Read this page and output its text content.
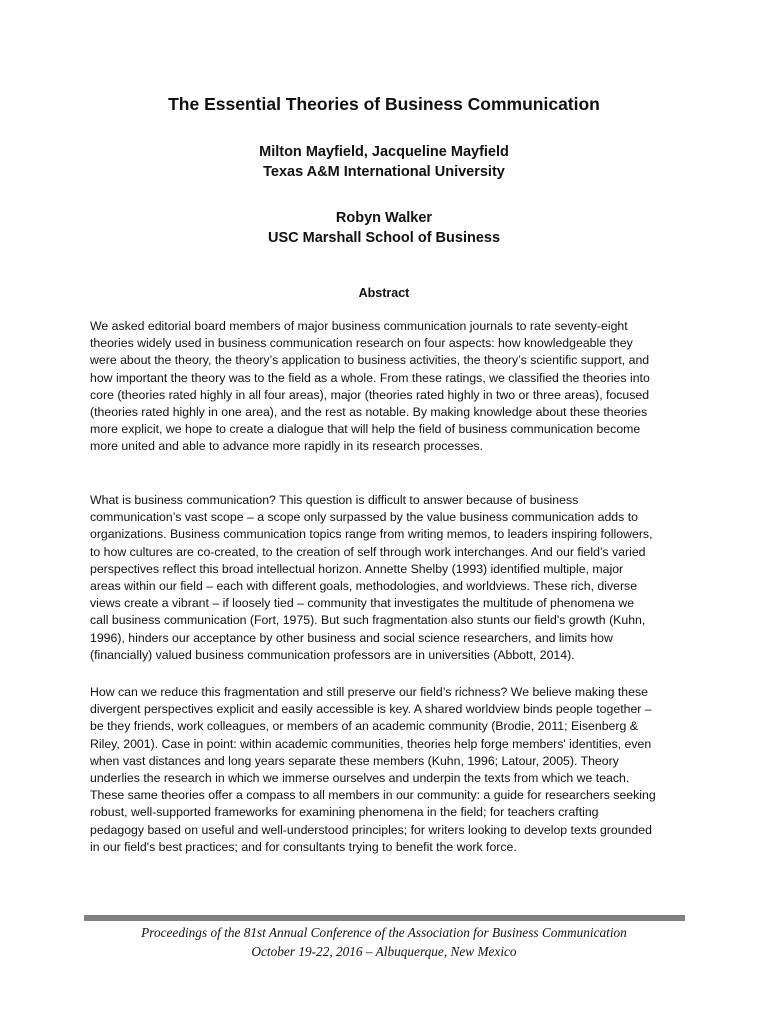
The Essential Theories of Business Communication
Milton Mayfield, Jacqueline Mayfield
Texas A&M International University
Robyn Walker
USC Marshall School of Business
Abstract
We asked editorial board members of major business communication journals to rate seventy-eight
theories widely used in business communication research on four aspects: how knowledgeable they
were about the theory, the theory’s application to business activities, the theory’s scientific support, and
how important the theory was to the field as a whole. From these ratings, we classified the theories into
core (theories rated highly in all four areas), major (theories rated highly in two or three areas), focused
(theories rated highly in one area), and the rest as notable. By making knowledge about these theories
more explicit, we hope to create a dialogue that will help the field of business communication become
more united and able to advance more rapidly in its research processes.
What is business communication? This question is difficult to answer because of business
communication’s vast scope – a scope only surpassed by the value business communication adds to
organizations. Business communication topics range from writing memos, to leaders inspiring followers,
to how cultures are co-created, to the creation of self through work interchanges. And our field’s varied
perspectives reflect this broad intellectual horizon. Annette Shelby (1993) identified multiple, major
areas within our field – each with different goals, methodologies, and worldviews. These rich, diverse
views create a vibrant – if loosely tied – community that investigates the multitude of phenomena we
call business communication (Fort, 1975). But such fragmentation also stunts our field's growth (Kuhn,
1996), hinders our acceptance by other business and social science researchers, and limits how
(financially) valued business communication professors are in universities (Abbott, 2014).
How can we reduce this fragmentation and still preserve our field’s richness? We believe making these
divergent perspectives explicit and easily accessible is key. A shared worldview binds people together –
be they friends, work colleagues, or members of an academic community (Brodie, 2011; Eisenberg &
Riley, 2001). Case in point: within academic communities, theories help forge members' identities, even
when vast distances and long years separate these members (Kuhn, 1996; Latour, 2005). Theory
underlies the research in which we immerse ourselves and underpin the texts from which we teach.
These same theories offer a compass to all members in our community: a guide for researchers seeking
robust, well-supported frameworks for examining phenomena in the field; for teachers crafting
pedagogy based on useful and well-understood principles; for writers looking to develop texts grounded
in our field's best practices; and for consultants trying to benefit the work force.
Proceedings of the 81st Annual Conference of the Association for Business Communication
October 19-22, 2016 – Albuquerque, New Mexico
